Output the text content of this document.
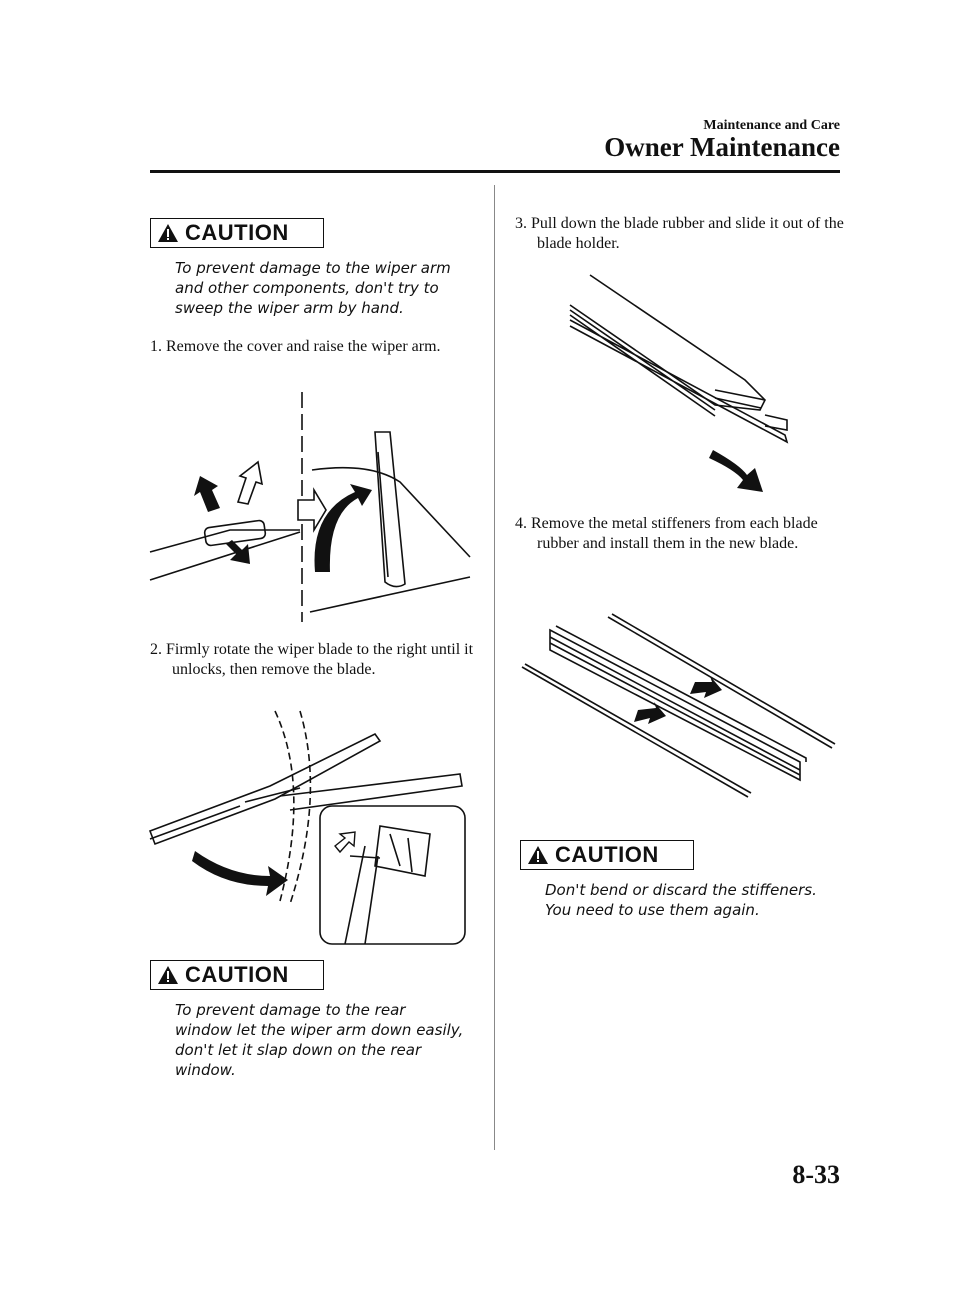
Maintenance and Care
Owner Maintenance
CAUTION
To prevent damage to the wiper arm and other components, don't try to sweep the wiper arm by hand.
1. Remove the cover and raise the wiper arm.
2. Firmly rotate the wiper blade to the right until it unlocks, then remove the blade.
CAUTION
To prevent damage to the rear window let the wiper arm down easily, don't let it slap down on the rear window.
3. Pull down the blade rubber and slide it out of the blade holder.
4. Remove the metal stiffeners from each blade rubber and install them in the new blade.
CAUTION
Don't bend or discard the stiffeners. You need to use them again.
8-33
